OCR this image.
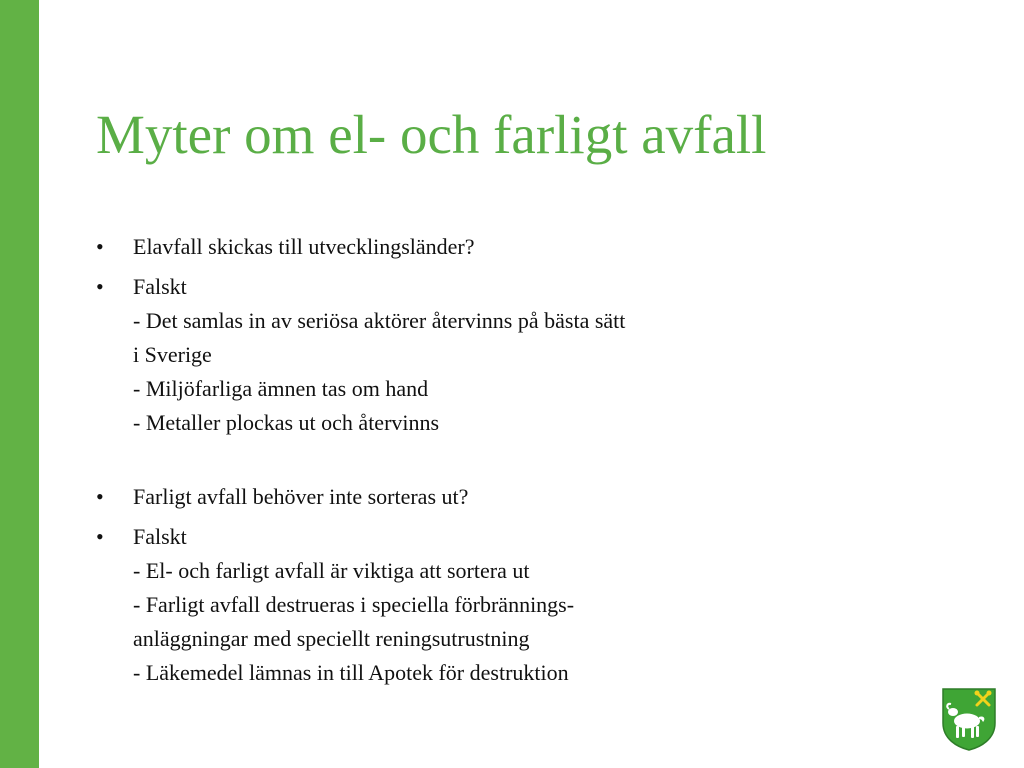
Myter om el- och farligt avfall
• Elavfall skickas till utvecklingsländer?
• Falskt
- Det samlas in av seriösa aktörer återvinns på bästa sätt
i Sverige
- Miljöfarliga ämnen tas om hand
- Metaller plockas ut och återvinns
• Farligt avfall behöver inte sorteras ut?
• Falskt
- El- och farligt avfall är viktiga att sortera ut
- Farligt avfall destrueras i speciella förbrännings-
anläggningar med speciellt reningsutrustning
- Läkemedel lämnas in till Apotek för destruktion
